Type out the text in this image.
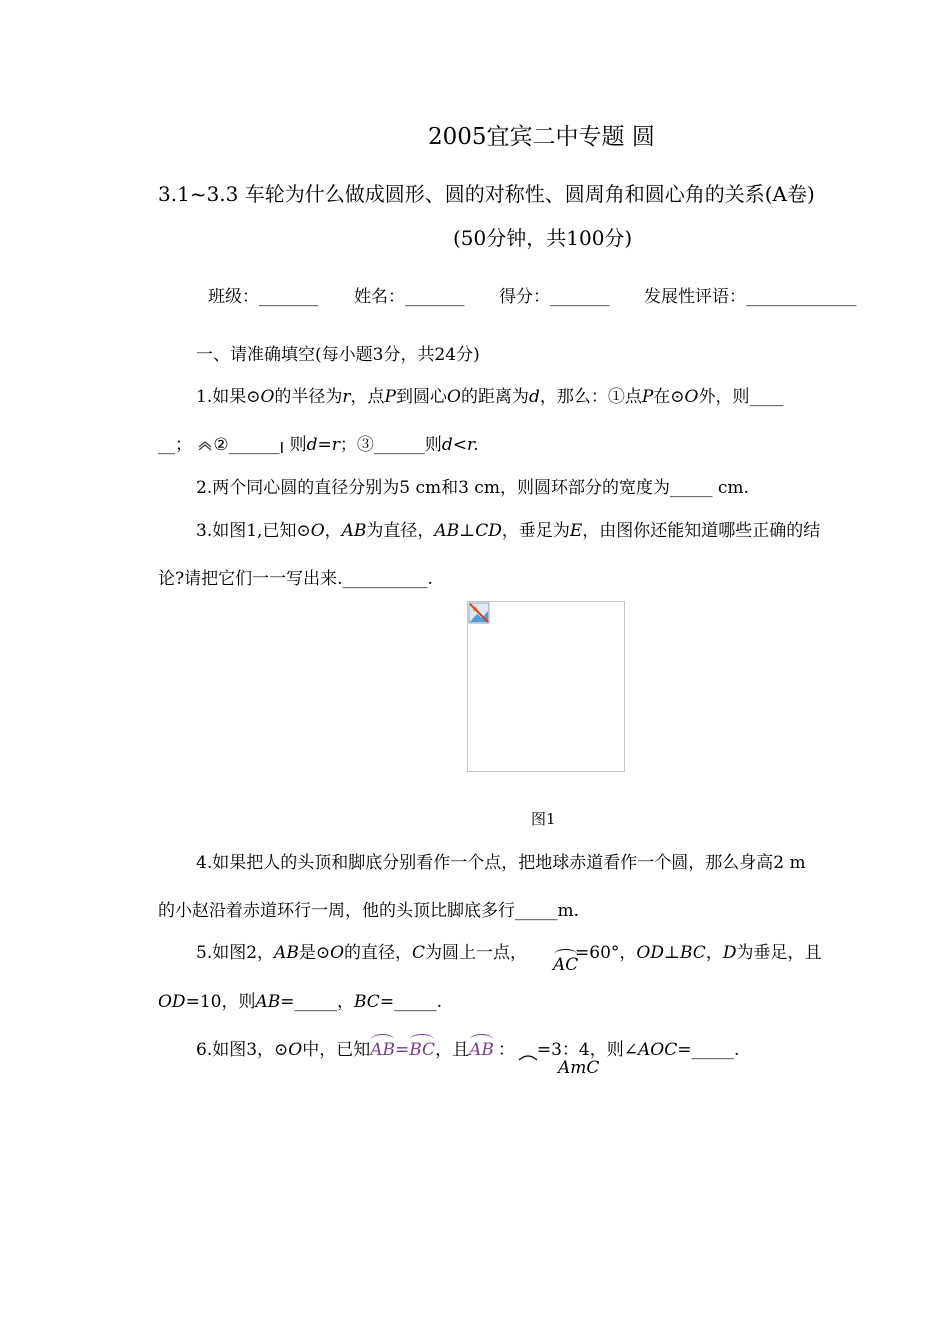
2005宜宾二中专题 圆
3.1~3.3 车轮为什么做成圆形、圆的对称性、圆周角和圆心角的关系(A卷)
(50分钟，共100分)
班级：_______ 姓名：_______ 得分：_______ 发展性评语：_____________
一、请准确填空(每小题3分，共24分)
1.如果⊙O的半径为r，点P到圆心O的距离为d，那么：①点P在⊙O外，则____
__； ②______I 则d=r；③______则d<r.
2.两个同心圆的直径分别为5 cm和3 cm，则圆环部分的宽度为_____ cm.
3.如图1,已知⊙O，AB为直径，AB⊥CD，垂足为E，由图你还能知道哪些正确的结
论?请把它们一一写出来.__________.
图1
4.如果把人的头顶和脚底分别看作一个点，把地球赤道看作一个圆，那么身高2 m
的小赵沿着赤道环行一周，他的头顶比脚底多行_____m.
5.如图2，AB是⊙O的直径，C为圆上一点，	=60°，OD⊥BC，D为垂足，且
AC
OD=10，则AB=_____，BC=_____.
6.如图3，⊙O中，已知AB=BC，且AB ： =3：4，则∠AOC=_____.
AmC
